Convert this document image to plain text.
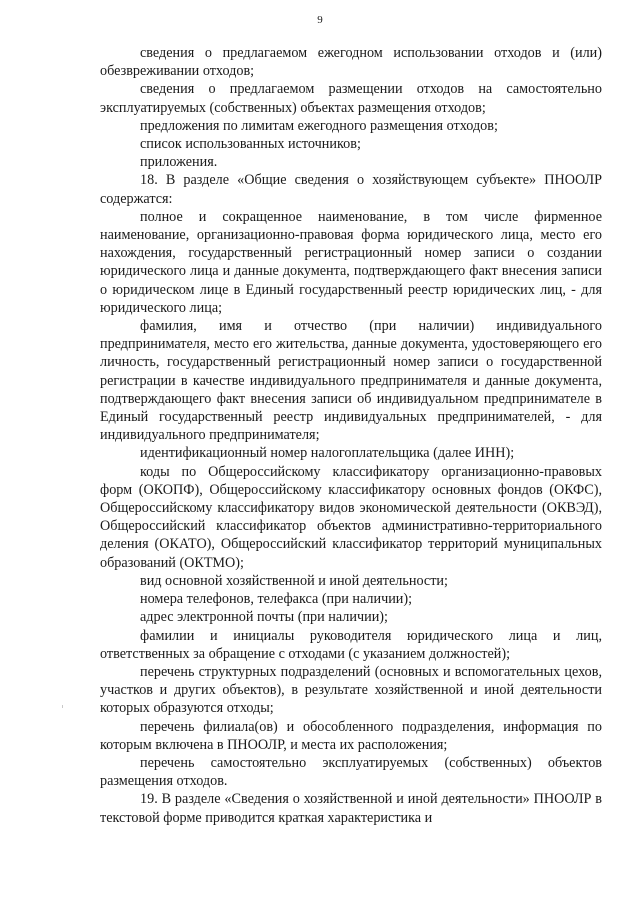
9

сведения о предлагаемом ежегодном использовании отходов и (или) обезвреживании отходов;

сведения о предлагаемом размещении отходов на самостоятельно эксплуатируемых (собственных) объектах размещения отходов;

предложения по лимитам ежегодного размещения отходов;

список использованных источников;

приложения.

18. В разделе «Общие сведения о хозяйствующем субъекте» ПНООЛР содержатся:

полное и сокращенное наименование, в том числе фирменное наименование, организационно-правовая форма юридического лица, место его нахождения, государственный регистрационный номер записи о создании юридического лица и данные документа, подтверждающего факт внесения записи о юридическом лице в Единый государственный реестр юридических лиц, - для юридического лица;

фамилия, имя и отчество (при наличии) индивидуального предпринимателя, место его жительства, данные документа, удостоверяющего его личность, государственный регистрационный номер записи о государственной регистрации в качестве индивидуального предпринимателя и данные документа, подтверждающего факт внесения записи об индивидуальном предпринимателе в Единый государственный реестр индивидуальных предпринимателей, - для индивидуального предпринимателя;

идентификационный номер налогоплательщика (далее ИНН);

коды по Общероссийскому классификатору организационно-правовых форм (ОКОПФ), Общероссийскому классификатору основных фондов (ОКФС), Общероссийскому классификатору видов экономической деятельности (ОКВЭД), Общероссийский классификатор объектов административно-территориального деления (ОКАТО), Общероссийский классификатор территорий муниципальных образований (ОКТМО);

вид основной хозяйственной и иной деятельности;

номера телефонов, телефакса (при наличии);

адрес электронной почты (при наличии);

фамилии и инициалы руководителя юридического лица и лиц, ответственных за обращение с отходами (с указанием должностей);

перечень структурных подразделений (основных и вспомогательных цехов, участков и других объектов), в результате хозяйственной и иной деятельности которых образуются отходы;

перечень филиала(ов) и обособленного подразделения, информация по которым включена в ПНООЛР, и места их расположения;

перечень самостоятельно эксплуатируемых (собственных) объектов размещения отходов.

19. В разделе «Сведения о хозяйственной и иной деятельности» ПНООЛР в текстовой форме приводится краткая характеристика и
